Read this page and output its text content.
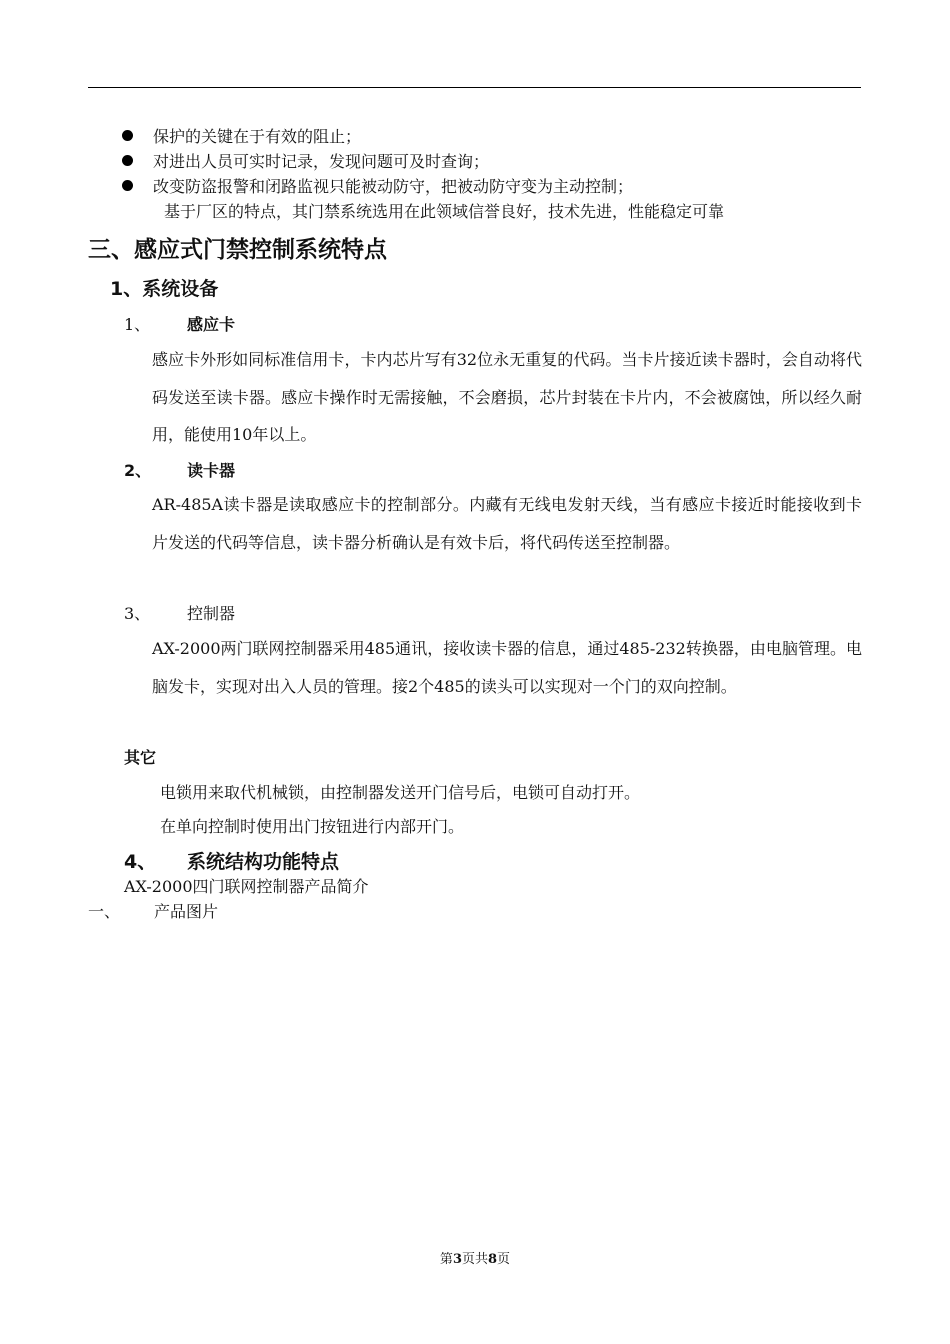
保护的关键在于有效的阻止；
对进出人员可实时记录，发现问题可及时查询；
改变防盗报警和闭路监视只能被动防守，把被动防守变为主动控制；
基于厂区的特点，其门禁系统选用在此领域信誉良好，技术先进，性能稳定可靠
三、感应式门禁控制系统特点
1、系统设备
1、 感应卡
感应卡外形如同标准信用卡，卡内芯片写有32位永无重复的代码。当卡片接近读卡器时，会自动将代码发送至读卡器。感应卡操作时无需接触，不会磨损，芯片封装在卡片内，不会被腐蚀，所以经久耐用，能使用10年以上。
2、 读卡器
AR-485A读卡器是读取感应卡的控制部分。内藏有无线电发射天线，当有感应卡接近时能接收到卡片发送的代码等信息，读卡器分析确认是有效卡后，将代码传送至控制器。
3、 控制器
AX-2000两门联网控制器采用485通讯，接收读卡器的信息，通过485-232转换器，由电脑管理。电脑发卡，实现对出入人员的管理。接2个485的读头可以实现对一个门的双向控制。
其它
电锁用来取代机械锁，由控制器发送开门信号后，电锁可自动打开。
在单向控制时使用出门按钮进行内部开门。
4、 系统结构功能特点
AX-2000四门联网控制器产品简介
一、 产品图片
第3页共8页
